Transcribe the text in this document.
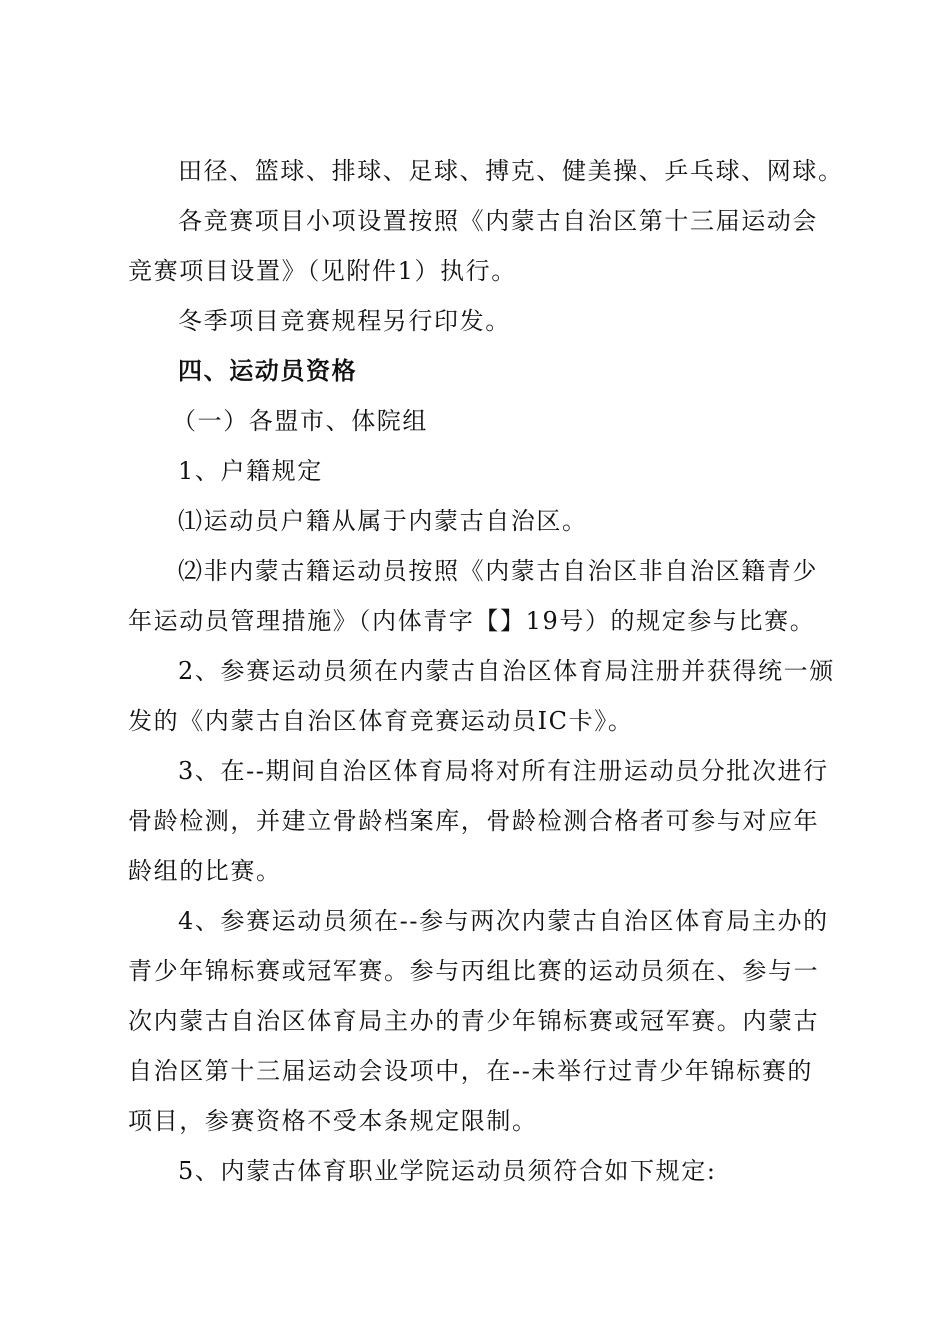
田径、篮球、排球、足球、搏克、健美操、乒乓球、网球。
各竞赛项目小项设置按照《内蒙古自治区第十三届运动会
竞赛项目设置》（见附件1）执行。
冬季项目竞赛规程另行印发。
四、运动员资格
（一）各盟市、体院组
1、户籍规定
⑴运动员户籍从属于内蒙古自治区。
⑵非内蒙古籍运动员按照《内蒙古自治区非自治区籍青少
年运动员管理措施》（内体青字【】19号）的规定参与比赛。
2、参赛运动员须在内蒙古自治区体育局注册并获得统一颁
发的《内蒙古自治区体育竞赛运动员IC卡》。
3、在--期间自治区体育局将对所有注册运动员分批次进行
骨龄检测，并建立骨龄档案库，骨龄检测合格者可参与对应年
龄组的比赛。
4、参赛运动员须在--参与两次内蒙古自治区体育局主办的
青少年锦标赛或冠军赛。参与丙组比赛的运动员须在、参与一
次内蒙古自治区体育局主办的青少年锦标赛或冠军赛。内蒙古
自治区第十三届运动会设项中，在--未举行过青少年锦标赛的
项目，参赛资格不受本条规定限制。
5、内蒙古体育职业学院运动员须符合如下规定:
